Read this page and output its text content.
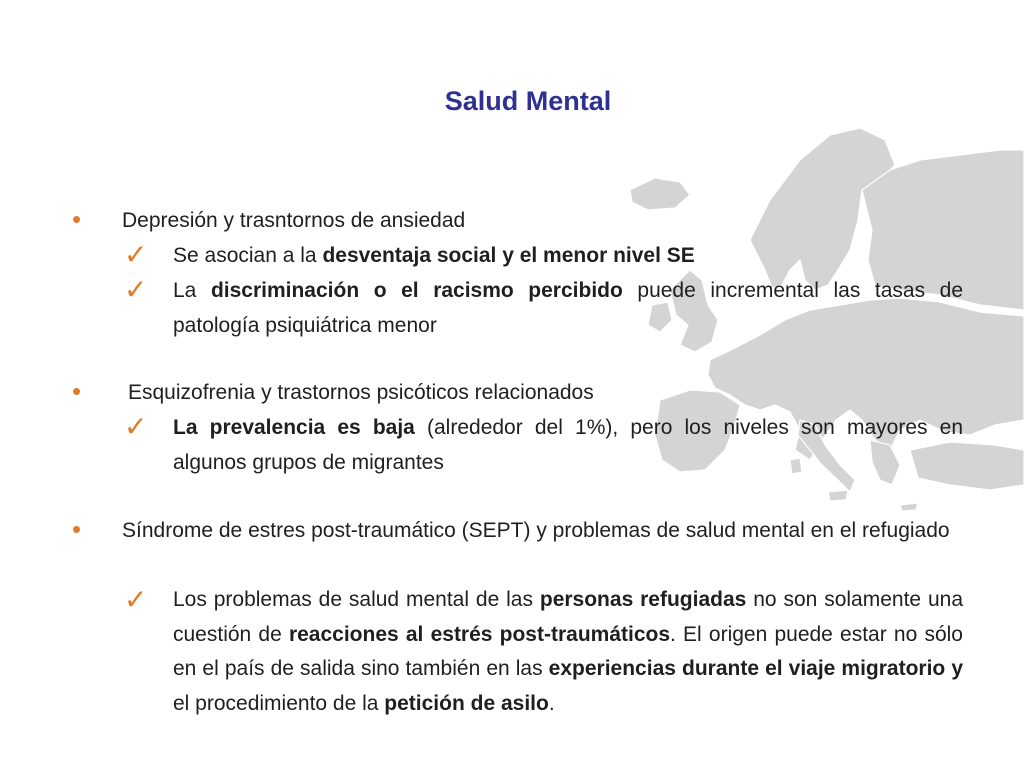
Salud Mental
• Depresión y trasntornos de ansiedad
✓ Se asocian a la desventaja social y el menor nivel SE
✓ La discriminación o el racismo percibido puede incremental las tasas de patología psiquiátrica menor
• Esquizofrenia y trastornos psicóticos relacionados
✓ La prevalencia es baja (alrededor del 1%), pero los niveles son mayores en algunos grupos de migrantes
• Síndrome de estres post-traumático (SEPT) y problemas de salud mental en el refugiado
✓ Los problemas de salud mental de las personas refugiadas no son solamente una cuestión de reacciones al estrés post-traumáticos. El origen puede estar no sólo en el país de salida sino también en las experiencias durante el viaje migratorio y el procedimiento de la petición de asilo.
